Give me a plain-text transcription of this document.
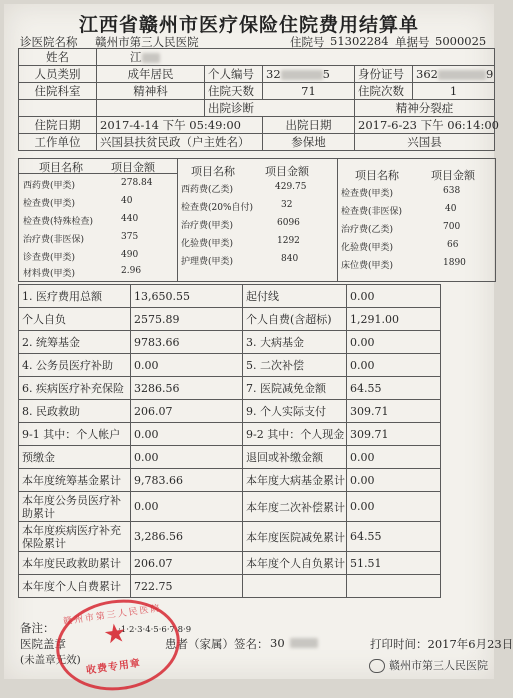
江西省赣州市医疗保险住院费用结算单
诊医院名称 赣州市第三人民医院	住院号 51302284 单据号 5000025
姓名	江				
人员类别	成年居民	个人编号	32 5	身份证号	362 9
住院科室	精神科	住院天数	71	住院次数	1
		出院诊断		精神分裂症	
住院日期	2017-4-14 下午 05:49:00		出院日期	2017-6-23 下午 06:14:00	
工作单位	兴国县扶贫民政（户主姓名）		参保地	兴国县	
项目名称	项目金额
西药费(甲类)	278.84
检查费(甲类)	40
检查费(特殊检查)	440
治疗费(非医保)	375
诊查费(甲类)	490
材料费(甲类)	2.96
项目名称	项目金额
西药费(乙类)	429.75
检查费(20%自付)	32
治疗费(甲类)	6096
化验费(甲类)	1292
护理费(甲类)	840
项目名称	项目金额
检查费(甲类)	638
检查费(非医保)	40
治疗费(乙类)	700
化验费(甲类)	66
床位费(甲类)	1890
1. 医疗费用总额	13,650.55	起付线	0.00
个人自负	2575.89	个人自费(含超标)	1,291.00
2. 统筹基金	9783.66	3. 大病基金	0.00
4. 公务员医疗补助	0.00	5. 二次补偿	0.00
6. 疾病医疗补充保险	3286.56	7. 医院减免金额	64.55
8. 民政救助	206.07	9. 个人实际支付	309.71
9-1 其中：个人帐户	0.00	9-2 其中：个人现金	309.71
预缴金	0.00	退回或补缴金额	0.00
本年度统筹基金累计	9,783.66	本年度大病基金累计	0.00
本年度公务员医疗补助累计	0.00	本年度二次补偿累计	0.00
本年度疾病医疗补充保险累计	3,286.56	本年度医院减免累计	64.55
本年度民政救助累计	206.07	本年度个人自负累计	51.51
本年度个人自费累计	722.75		
备注：	·1·2·3·4·5·6·7·8·9
医院盖章	患者（家属）签名： 30	打印时间：2017年6月23日
(未盖章无效)
赣州市第三人民医院
★
收费专用章	赣州市第三人民医院
